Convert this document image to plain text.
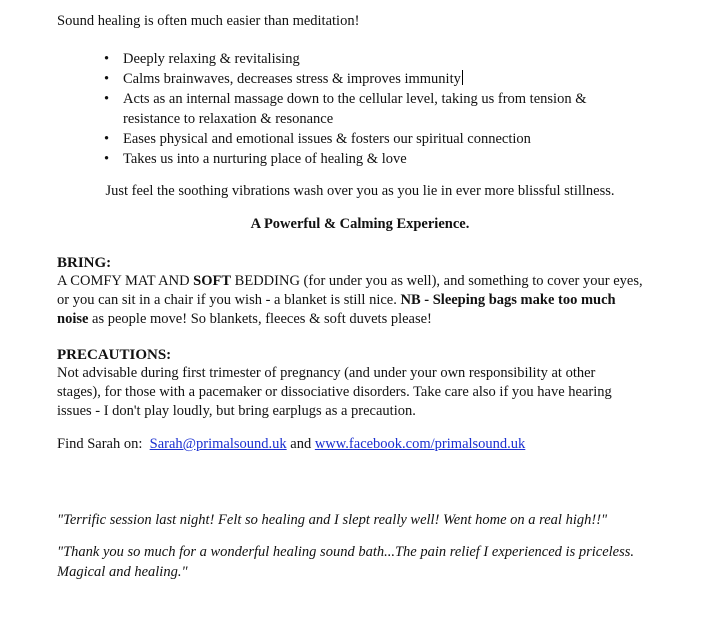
Sound healing is often much easier than meditation!
• Deeply relaxing & revitalising
• Calms brainwaves, decreases stress & improves immunity
• Acts as an internal massage down to the cellular level, taking us from tension &
resistance to relaxation & resonance
• Eases physical and emotional issues & fosters our spiritual connection
• Takes us into a nurturing place of healing & love
Just feel the soothing vibrations wash over you as you lie in ever more blissful stillness.
A Powerful & Calming Experience.
BRING:
A COMFY MAT AND SOFT BEDDING (for under you as well), and something to cover your eyes,
or you can sit in a chair if you wish - a blanket is still nice. NB - Sleeping bags make too much
noise as people move! So blankets, fleeces & soft duvets please!
PRECAUTIONS:
Not advisable during first trimester of pregnancy (and under your own responsibility at other
stages), for those with a pacemaker or dissociative disorders. Take care also if you have hearing
issues - I don't play loudly, but bring earplugs as a precaution.
Find Sarah on:  Sarah@primalsound.uk and www.facebook.com/primalsound.uk
"Terrific session last night! Felt so healing and I slept really well! Went home on a real high!!"
"Thank you so much for a wonderful healing sound bath...The pain relief I experienced is priceless.
Magical and healing."
